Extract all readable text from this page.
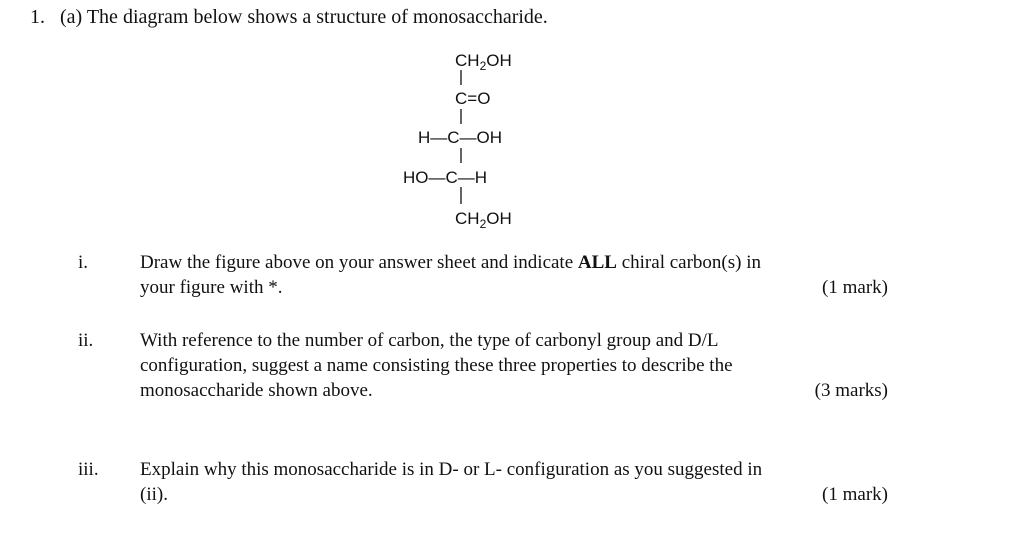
1. (a) The diagram below shows a structure of monosaccharide.
$CH_2OH$
C=O
H—C—OH
HO—C—H
$CH_2OH$
i.	Draw the figure above on your answer sheet and indicate ALL chiral carbon(s) in
your figure with *.	(1 mark)
ii.	With reference to the number of carbon, the type of carbonyl group and D/L
configuration, suggest a name consisting these three properties to describe the
monosaccharide shown above.	(3 marks)
iii.	Explain why this monosaccharide is in D- or L- configuration as you suggested in
(ii).	(1 mark)
